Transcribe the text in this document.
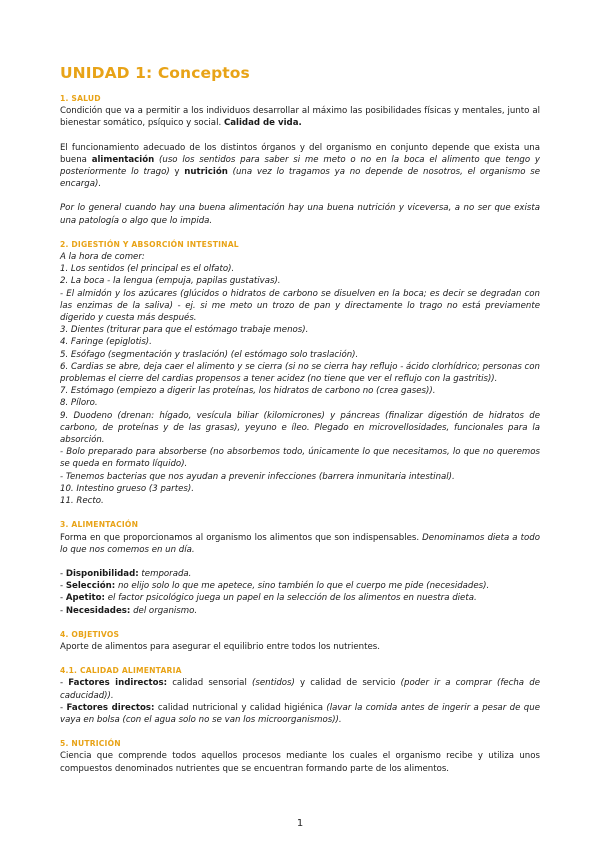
UNIDAD 1: Conceptos
1. SALUD

Condición que va a permitir a los individuos desarrollar al máximo las posibilidades físicas y mentales, junto al bienestar somático, psíquico y social. Calidad de vida.

El funcionamiento adecuado de los distintos órganos y del organismo en conjunto depende que exista una buena alimentación (uso los sentidos para saber si me meto o no en la boca el alimento que tengo y posteriormente lo trago) y nutrición (una vez lo tragamos ya no depende de nosotros, el organismo se encarga).

Por lo general cuando hay una buena alimentación hay una buena nutrición y viceversa, a no ser que exista una patología o algo que lo impida.

2. DIGESTIÓN Y ABSORCIÓN INTESTINAL

A la hora de comer:

1. Los sentidos (el principal es el olfato).

2. La boca - la lengua (empuja, papilas gustativas).

- El almidón y los azúcares (glúcidos o hidratos de carbono se disuelven en la boca; es decir se degradan con las enzimas de la saliva) - ej. si me meto un trozo de pan y directamente lo trago no está previamente digerido y cuesta más después.

3. Dientes (triturar para que el estómago trabaje menos).

4. Faringe (epiglotis).

5. Esófago (segmentación y traslación) (el estómago solo traslación).

6. Cardias se abre, deja caer el alimento y se cierra (si no se cierra hay reflujo - ácido clorhídrico; personas con problemas el cierre del cardias propensos a tener acidez (no tiene que ver el reflujo con la gastritis)).

7. Estómago (empiezo a digerir las proteínas, los hidratos de carbono no (crea gases)).

8. Píloro.

9. Duodeno (drenan: hígado, vesícula biliar (kilomicrones) y páncreas (finalizar digestión de hidratos de carbono, de proteínas y de las grasas), yeyuno e íleo. Plegado en microvellosidades, funcionales para la absorción.

- Bolo preparado para absorberse (no absorbemos todo, únicamente lo que necesitamos, lo que no queremos se queda en formato líquido).

- Tenemos bacterias que nos ayudan a prevenir infecciones (barrera inmunitaria intestinal).

10. Intestino grueso (3 partes).

11. Recto.

3. ALIMENTACIÓN

Forma en que proporcionamos al organismo los alimentos que son indispensables. Denominamos dieta a todo lo que nos comemos en un día.

- Disponibilidad: temporada.

- Selección: no elijo solo lo que me apetece, sino también lo que el cuerpo me pide (necesidades).

- Apetito: el factor psicológico juega un papel en la selección de los alimentos en nuestra dieta.

- Necesidades: del organismo.

4. OBJETIVOS

Aporte de alimentos para asegurar el equilibrio entre todos los nutrientes.

4.1. CALIDAD ALIMENTARIA

- Factores indirectos: calidad sensorial (sentidos) y calidad de servicio (poder ir a comprar (fecha de caducidad)).

- Factores directos: calidad nutricional y calidad higiénica (lavar la comida antes de ingerir a pesar de que vaya en bolsa (con el agua solo no se van los microorganismos)).

5. NUTRICIÓN

Ciencia que comprende todos aquellos procesos mediante los cuales el organismo recibe y utiliza unos compuestos denominados nutrientes que se encuentran formando parte de los alimentos.

1
